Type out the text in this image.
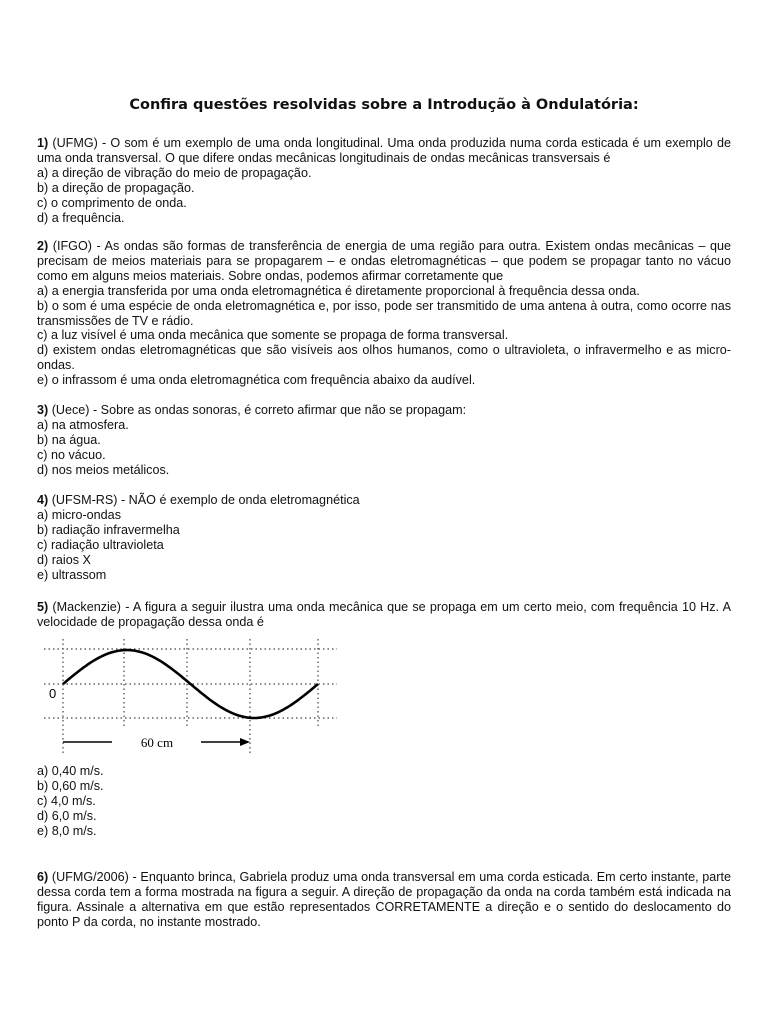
Confira questões resolvidas sobre a Introdução à Ondulatória:
1) (UFMG) - O som é um exemplo de uma onda longitudinal. Uma onda produzida numa corda esticada é um exemplo de uma onda transversal. O que difere ondas mecânicas longitudinais de ondas mecânicas transversais é
a) a direção de vibração do meio de propagação.
b) a direção de propagação.
c) o comprimento de onda.
d) a frequência.
2) (IFGO) - As ondas são formas de transferência de energia de uma região para outra. Existem ondas mecânicas – que precisam de meios materiais para se propagarem – e ondas eletromagnéticas – que podem se propagar tanto no vácuo como em alguns meios materiais. Sobre ondas, podemos afirmar corretamente que
a) a energia transferida por uma onda eletromagnética é diretamente proporcional à frequência dessa onda.
b) o som é uma espécie de onda eletromagnética e, por isso, pode ser transmitido de uma antena à outra, como ocorre nas transmissões de TV e rádio.
c) a luz visível é uma onda mecânica que somente se propaga de forma transversal.
d) existem ondas eletromagnéticas que são visíveis aos olhos humanos, como o ultravioleta, o infravermelho e as micro-ondas.
e) o infrassom é uma onda eletromagnética com frequência abaixo da audível.
3) (Uece) - Sobre as ondas sonoras, é correto afirmar que não se propagam:
a) na atmosfera.
b) na água.
c) no vácuo.
d) nos meios metálicos.
4) (UFSM-RS) - NÃO é exemplo de onda eletromagnética
a) micro-ondas
b) radiação infravermelha
c) radiação ultravioleta
d) raios X
e) ultrassom
5) (Mackenzie) - A figura a seguir ilustra uma onda mecânica que se propaga em um certo meio, com frequência 10 Hz. A velocidade de propagação dessa onda é
0
60 cm
a) 0,40 m/s.
b) 0,60 m/s.
c) 4,0 m/s.
d) 6,0 m/s.
e) 8,0 m/s.
6) (UFMG/2006) - Enquanto brinca, Gabriela produz uma onda transversal em uma corda esticada. Em certo instante, parte dessa corda tem a forma mostrada na figura a seguir. A direção de propagação da onda na corda também está indicada na figura. Assinale a alternativa em que estão representados CORRETAMENTE a direção e o sentido do deslocamento do ponto P da corda, no instante mostrado.
